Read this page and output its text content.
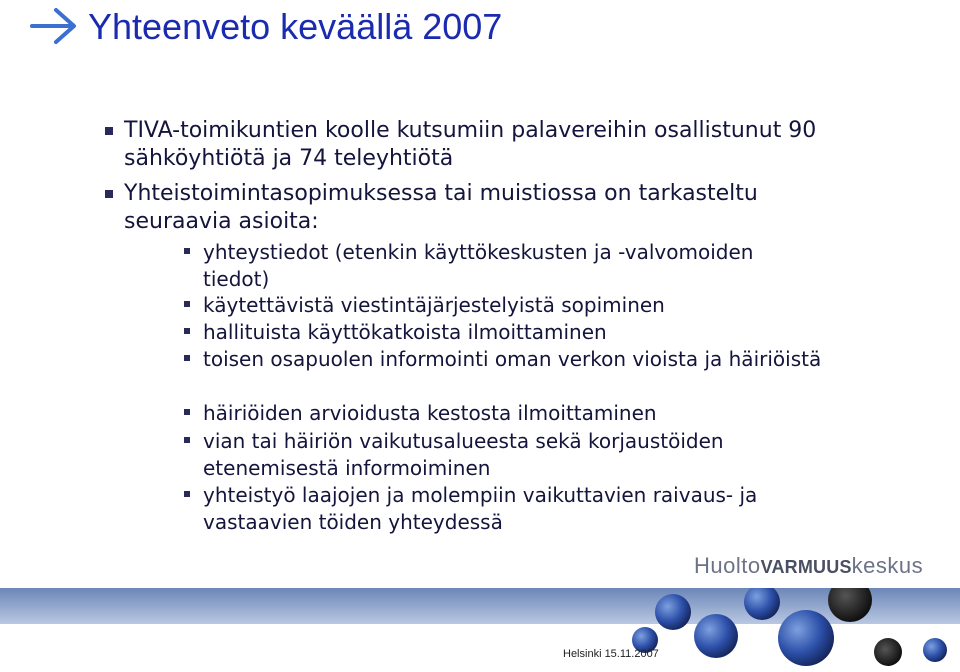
Yhteenveto keväällä 2007
TIVA-toimikuntien koolle kutsumiin palavereihin osallistunut 90 sähköyhtiötä ja 74 teleyhtiötä
Yhteistoimintasopimuksessa tai muistiossa on tarkasteltu seuraavia asioita:
yhteystiedot (etenkin käyttökeskusten ja -valvomoiden tiedot)
käytettävistä viestintäjärjestelyistä sopiminen
hallituista käyttökatkoista ilmoittaminen
toisen osapuolen informointi oman verkon vioista ja häiriöistä
häiriöiden arvioidusta kestosta ilmoittaminen
vian tai häiriön vaikutusalueesta sekä korjaustöiden etenemisestä informoiminen
yhteistyö laajojen ja molempiin vaikuttavien raivaus- ja vastaavien töiden yhteydessä
HuoltoVARMUUSkeskus
Helsinki 15.11.2007
